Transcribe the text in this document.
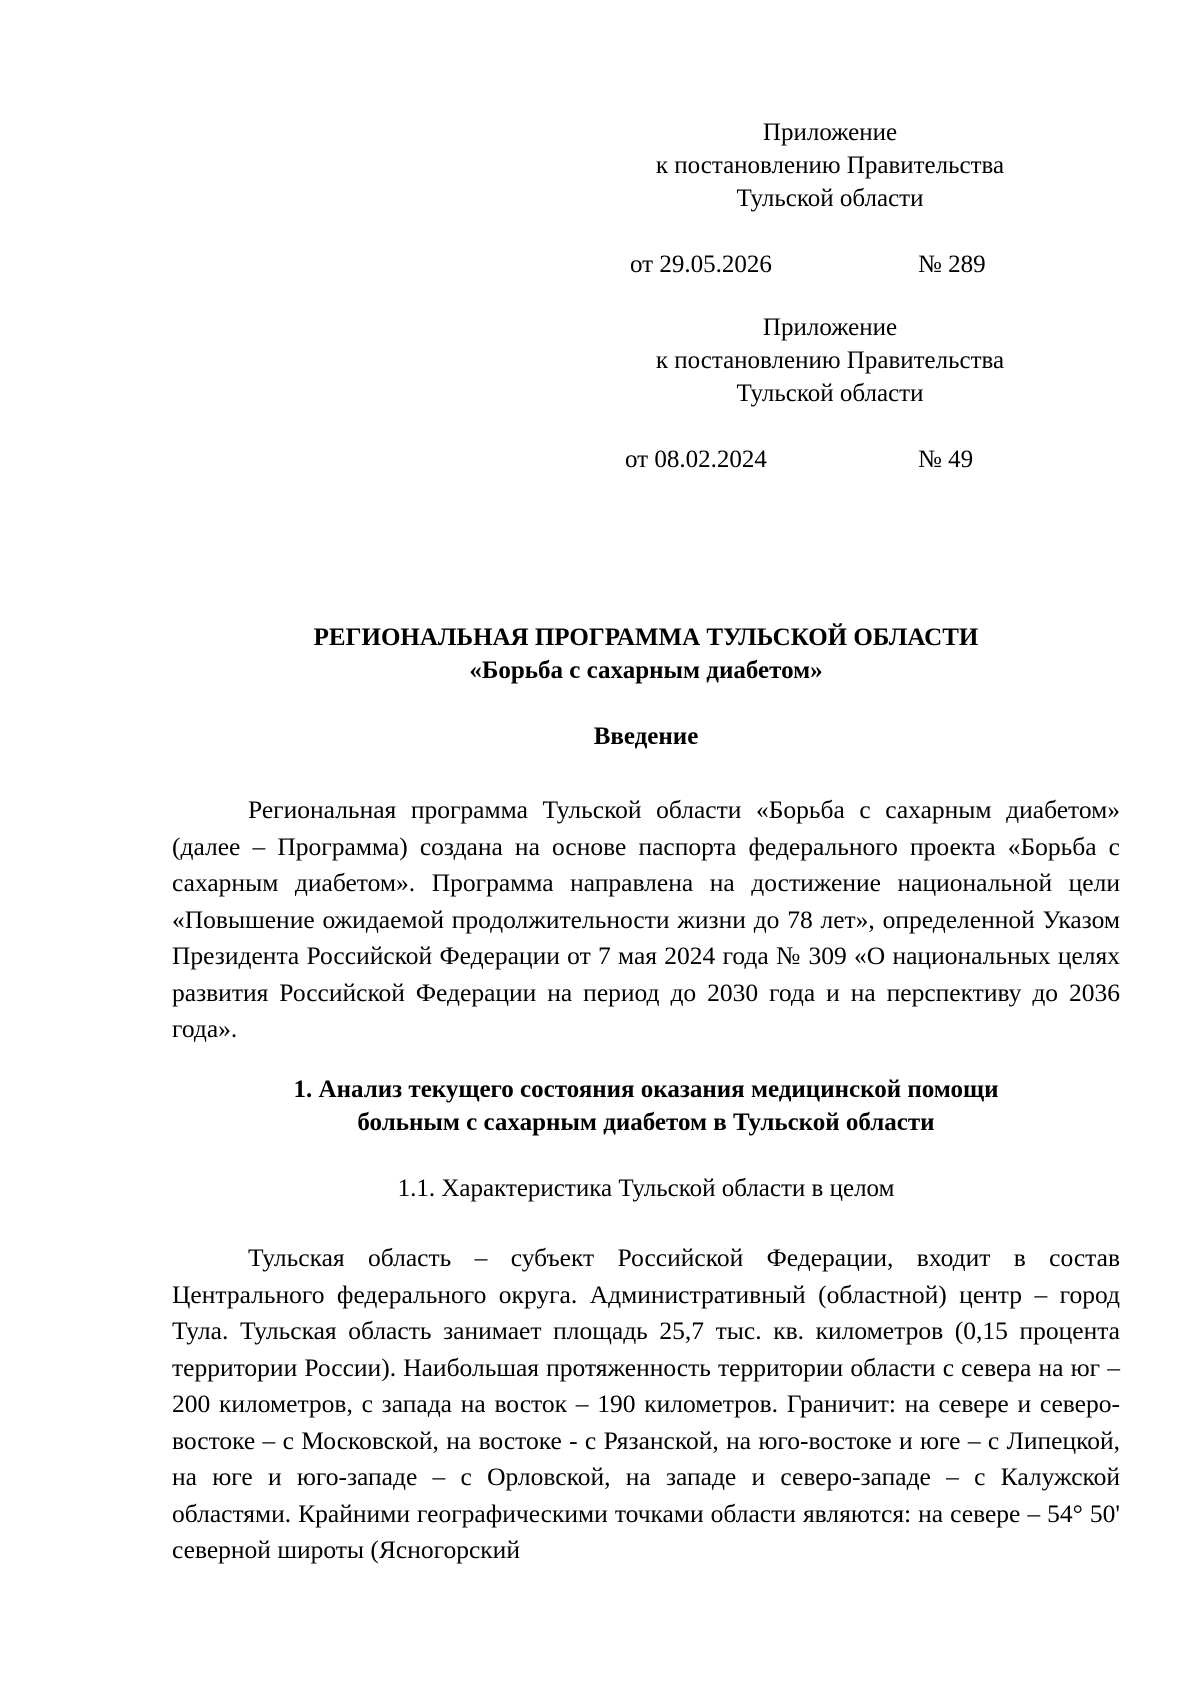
Приложение
к постановлению Правительства
Тульской области
от 29.05.2026	№ 289
Приложение
к постановлению Правительства
Тульской области
от 08.02.2024	№ 49
РЕГИОНАЛЬНАЯ ПРОГРАММА ТУЛЬСКОЙ ОБЛАСТИ
«Борьба с сахарным диабетом»
Введение

Региональная программа Тульской области «Борьба с сахарным диабетом» (далее – Программа) создана на основе паспорта федерального проекта «Борьба с сахарным диабетом». Программа направлена на достижение национальной цели «Повышение ожидаемой продолжительности жизни до 78 лет», определенной Указом Президента Российской Федерации от 7 мая 2024 года № 309 «О национальных целях развития Российской Федерации на период до 2030 года и на перспективу до 2036 года».

1. Анализ текущего состояния оказания медицинской помощи
больным с сахарным диабетом в Тульской области
1.1. Характеристика Тульской области в целом

Тульская область – субъект Российской Федерации, входит в состав Центрального федерального округа. Административный (областной) центр – город Тула. Тульская область занимает площадь 25,7 тыс. кв. километров (0,15 процента территории России). Наибольшая протяженность территории области с севера на юг – 200 километров, с запада на восток – 190 километров. Граничит: на севере и северо-востоке – с Московской, на востоке - с Рязанской, на юго-востоке и юге – с Липецкой, на юге и юго-западе – с Орловской, на западе и северо-западе – с Калужской областями. Крайними географическими точками области являются: на севере – 54° 50' северной широты (Ясногорский
